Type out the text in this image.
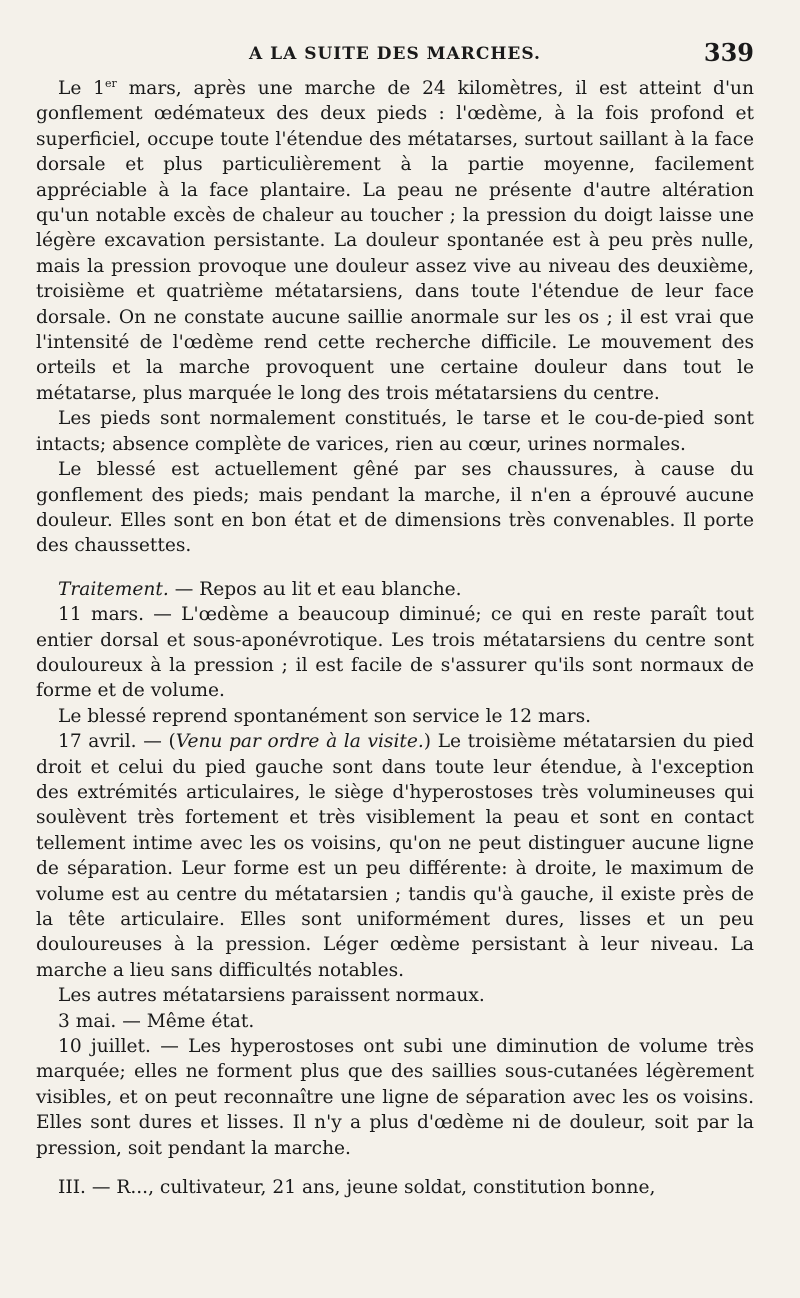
A LA SUITE DES MARCHES.	339

Le 1er mars, après une marche de 24 kilomètres, il est atteint d'un gonflement œdémateux des deux pieds : l'œdème, à la fois profond et superficiel, occupe toute l'étendue des métatarses, surtout saillant à la face dorsale et plus particulièrement à la partie moyenne, facilement appréciable à la face plantaire. La peau ne présente d'autre altération qu'un notable excès de chaleur au toucher ; la pression du doigt laisse une légère excavation persistante. La douleur spontanée est à peu près nulle, mais la pression provoque une douleur assez vive au niveau des deuxième, troisième et quatrième métatarsiens, dans toute l'étendue de leur face dorsale. On ne constate aucune saillie anormale sur les os ; il est vrai que l'intensité de l'œdème rend cette recherche difficile. Le mouvement des orteils et la marche provoquent une certaine douleur dans tout le métatarse, plus marquée le long des trois métatarsiens du centre.

Les pieds sont normalement constitués, le tarse et le cou-de-pied sont intacts; absence complète de varices, rien au cœur, urines normales.

Le blessé est actuellement gêné par ses chaussures, à cause du gonflement des pieds; mais pendant la marche, il n'en a éprouvé aucune douleur. Elles sont en bon état et de dimensions très convenables. Il porte des chaussettes.

Traitement. — Repos au lit et eau blanche.

11 mars. — L'œdème a beaucoup diminué; ce qui en reste paraît tout entier dorsal et sous-aponévrotique. Les trois métatarsiens du centre sont douloureux à la pression ; il est facile de s'assurer qu'ils sont normaux de forme et de volume.

Le blessé reprend spontanément son service le 12 mars.

17 avril. — (Venu par ordre à la visite.) Le troisième métatarsien du pied droit et celui du pied gauche sont dans toute leur étendue, à l'exception des extrémités articulaires, le siège d'hyperostoses très volumineuses qui soulèvent très fortement et très visiblement la peau et sont en contact tellement intime avec les os voisins, qu'on ne peut distinguer aucune ligne de séparation. Leur forme est un peu différente: à droite, le maximum de volume est au centre du métatarsien ; tandis qu'à gauche, il existe près de la tête articulaire. Elles sont uniformément dures, lisses et un peu douloureuses à la pression. Léger œdème persistant à leur niveau. La marche a lieu sans difficultés notables.

Les autres métatarsiens paraissent normaux.

3 mai. — Même état.

10 juillet. — Les hyperostoses ont subi une diminution de volume très marquée; elles ne forment plus que des saillies sous-cutanées légèrement visibles, et on peut reconnaître une ligne de séparation avec les os voisins. Elles sont dures et lisses. Il n'y a plus d'œdème ni de douleur, soit par la pression, soit pendant la marche.

III. — R..., cultivateur, 21 ans, jeune soldat, constitution bonne,
